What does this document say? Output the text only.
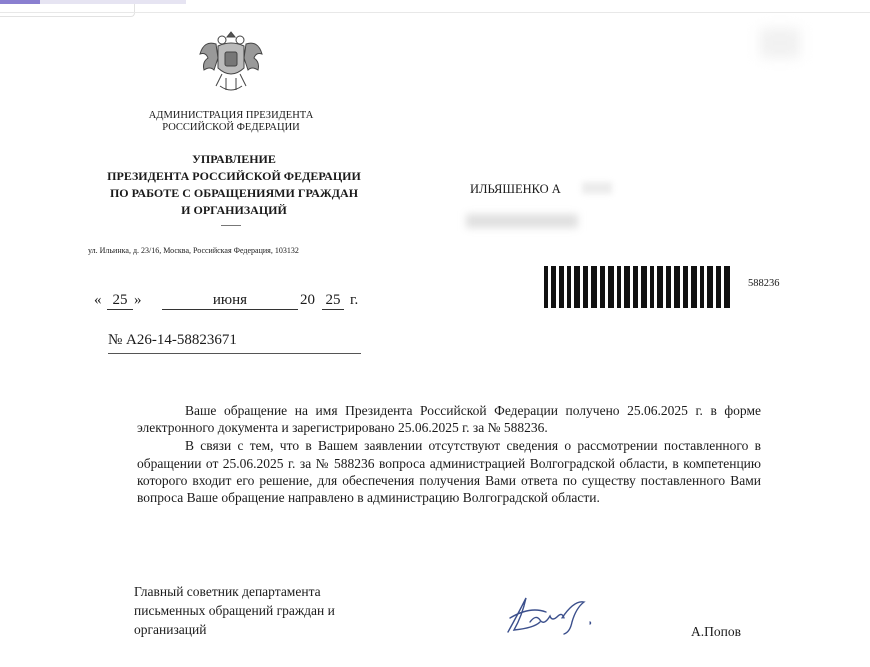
АДМИНИСТРАЦИЯ ПРЕЗИДЕНТА
РОССИЙСКОЙ ФЕДЕРАЦИИ
УПРАВЛЕНИЕ
ПРЕЗИДЕНТА РОССИЙСКОЙ ФЕДЕРАЦИИ
ПО РАБОТЕ С ОБРАЩЕНИЯМИ ГРАЖДАН
И ОРГАНИЗАЦИЙ
ул. Ильинка, д. 23/16, Москва, Российская Федерация, 103132
ИЛЬЯШЕНКО А
588236
« 25 »	июня	20 25 г.
№ А26-14-58823671

Ваше обращение на имя Президента Российской Федерации получено 25.06.2025 г. в форме электронного документа и зарегистрировано 25.06.2025 г. за № 588236.

В связи с тем, что в Вашем заявлении отсутствуют сведения о рассмотрении поставленного в обращении от 25.06.2025 г. за № 588236 вопроса администрацией Волгоградской области, в компетенцию которого входит его решение, для обеспечения получения Вами ответа по существу поставленного Вами вопроса Ваше обращение направлено в администрацию Волгоградской области.

Главный советник департамента
письменных обращений граждан и
организаций	А.Попов
